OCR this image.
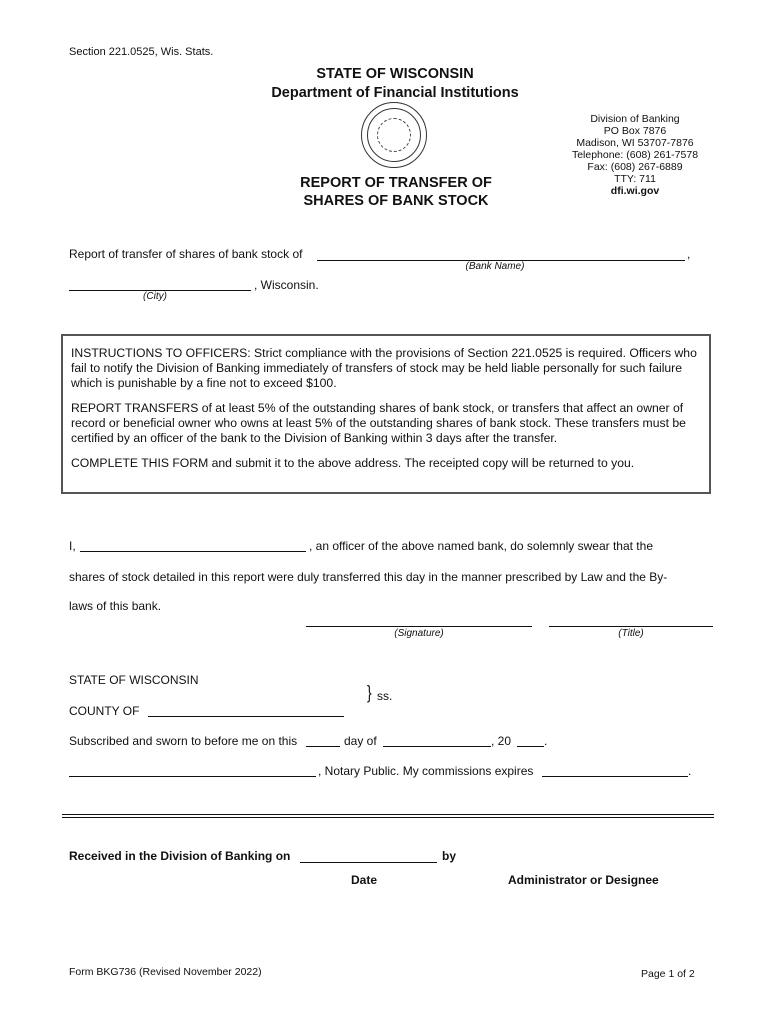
Section 221.0525, Wis. Stats.
STATE OF WISCONSIN
Department of Financial Institutions
REPORT OF TRANSFER OF
SHARES OF BANK STOCK
Division of Banking
PO Box 7876
Madison, WI 53707-7876
Telephone: (608) 261-7578
Fax: (608) 267-6889
TTY: 711
dfi.wi.gov
Report of transfer of shares of bank stock of	,
(Bank Name)
, Wisconsin.
(City)

INSTRUCTIONS TO OFFICERS: Strict compliance with the provisions of Section 221.0525 is required. Officers who fail to notify the Division of Banking immediately of transfers of stock may be held liable personally for such failure which is punishable by a fine not to exceed $100.

REPORT TRANSFERS of at least 5% of the outstanding shares of bank stock, or transfers that affect an owner of record or beneficial owner who owns at least 5% of the outstanding shares of bank stock. These transfers must be certified by an officer of the bank to the Division of Banking within 3 days after the transfer.

COMPLETE THIS FORM and submit it to the above address. The receipted copy will be returned to you.

I,	, an officer of the above named bank, do solemnly swear that the
shares of stock detailed in this report were duly transferred this day in the manner prescribed by Law and the By-
laws of this bank.
(Signature)	(Title)
STATE OF WISCONSIN
} ss.
COUNTY OF
Subscribed and sworn to before me on this	day of	, 20	.
, Notary Public. My commissions expires	.
Received in the Division of Banking on	by
Date	Administrator or Designee
Form BKG736 (Revised November 2022)	Page 1 of 2
